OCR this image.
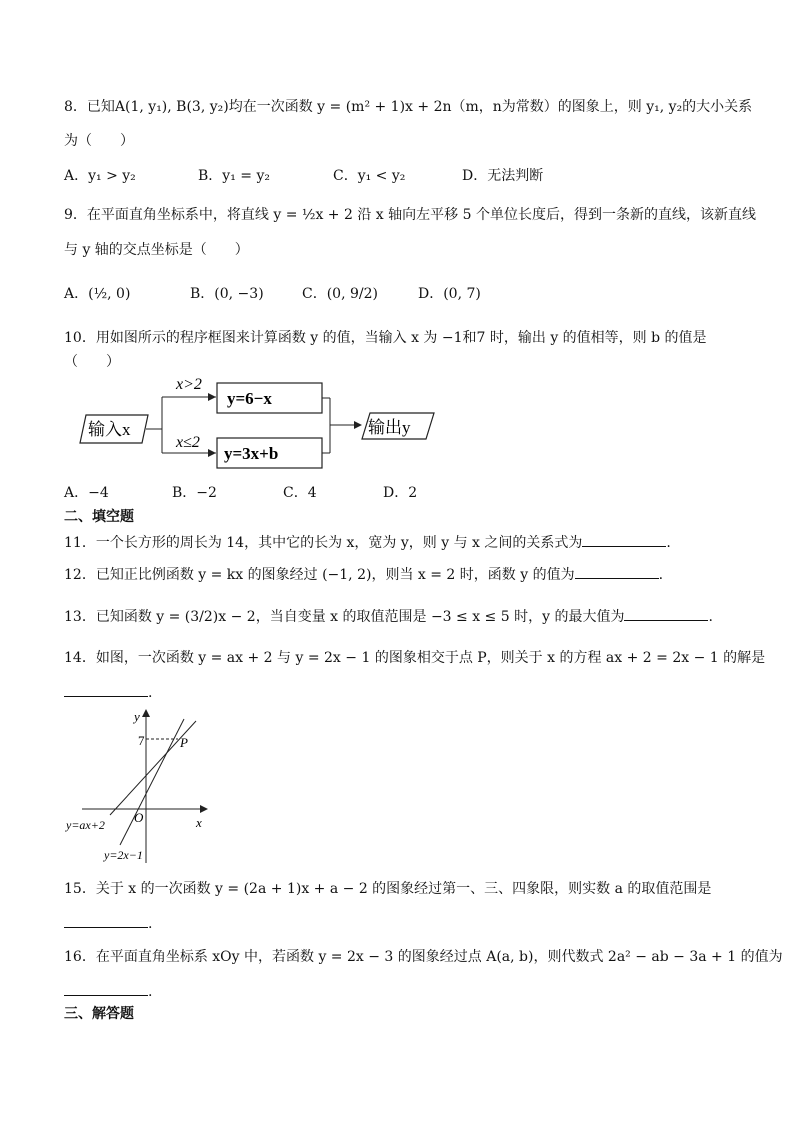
8．已知A(1, y₁), B(3, y₂)均在一次函数 y = (m² + 1)x + 2n（m，n为常数）的图象上，则 y₁, y₂的大小关系
为（　　）
A．y₁ > y₂	B．y₁ = y₂	C．y₁ < y₂	D．无法判断
9．在平面直角坐标系中，将直线 y = ½x + 2 沿 x 轴向左平移 5 个单位长度后，得到一条新的直线，该新直线
与 y 轴的交点坐标是（　　）
A．(½, 0)	B．(0, −3)	C．(0, 9/2)	D．(0, 7)
10．用如图所示的程序框图来计算函数 y 的值，当输入 x 为 −1和7 时，输出 y 的值相等，则 b 的值是
（　　）
输入x
x>2
x≤2
y=6−x
y=3x+b
输出y
A．−4	B．−2	C．4	D．2
二、填空题
11．一个长方形的周长为 14，其中它的长为 x，宽为 y，则 y 与 x 之间的关系式为	.
12．已知正比例函数 y = kx 的图象经过 (−1, 2)，则当 x = 2 时，函数 y 的值为	.
13．已知函数 y = (3/2)x − 2，当自变量 x 的取值范围是 −3 ≤ x ≤ 5 时，y 的最大值为	.
14．如图，一次函数 y = ax + 2 与 y = 2x − 1 的图象相交于点 P，则关于 x 的方程 ax + 2 = 2x − 1 的解是
.
y
x
O
7	P
y=ax+2
y=2x−1
15．关于 x 的一次函数 y = (2a + 1)x + a − 2 的图象经过第一、三、四象限，则实数 a 的取值范围是
.
16．在平面直角坐标系 xOy 中，若函数 y = 2x − 3 的图象经过点 A(a, b)，则代数式 2a² − ab − 3a + 1 的值为
.
三、解答题
